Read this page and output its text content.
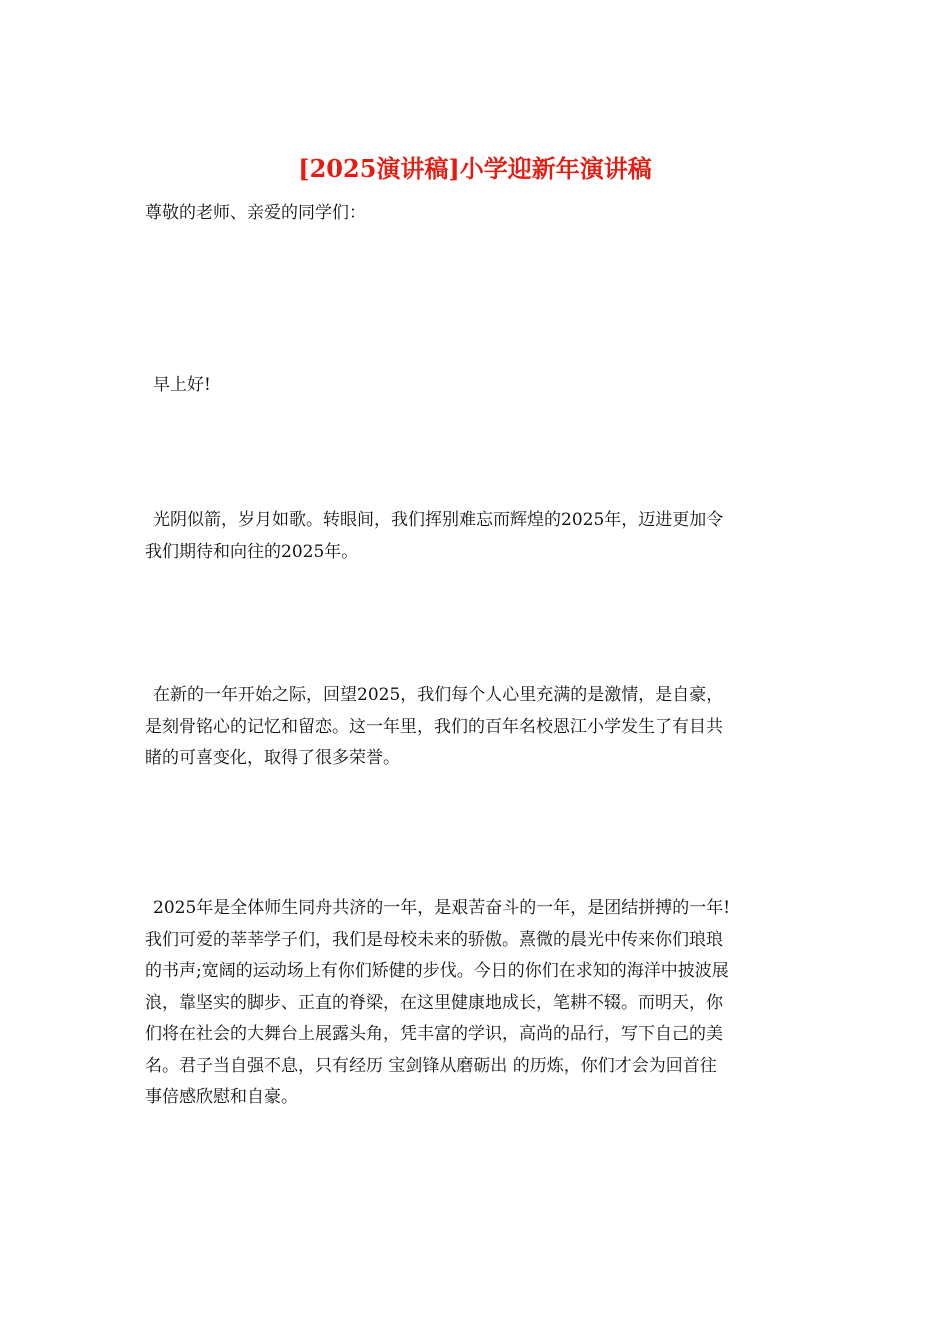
[2025演讲稿]小学迎新年演讲稿

尊敬的老师、亲爱的同学们：

早上好!

光阴似箭，岁月如歌。转眼间，我们挥别难忘而辉煌的2025年，迈进更加令
我们期待和向往的2025年。

在新的一年开始之际，回望2025，我们每个人心里充满的是激情，是自豪，
是刻骨铭心的记忆和留恋。这一年里，我们的百年名校恩江小学发生了有目共
睹的可喜变化，取得了很多荣誉。

2025年是全体师生同舟共济的一年，是艰苦奋斗的一年，是团结拼搏的一年!
我们可爱的莘莘学子们，我们是母校未来的骄傲。熹微的晨光中传来你们琅琅
的书声;宽阔的运动场上有你们矫健的步伐。今日的你们在求知的海洋中披波展
浪，靠坚实的脚步、正直的脊梁，在这里健康地成长，笔耕不辍。而明天，你
们将在社会的大舞台上展露头角，凭丰富的学识，高尚的品行，写下自己的美
名。君子当自强不息，只有经历 宝剑锋从磨砺出 的历炼，你们才会为回首往
事倍感欣慰和自豪。
